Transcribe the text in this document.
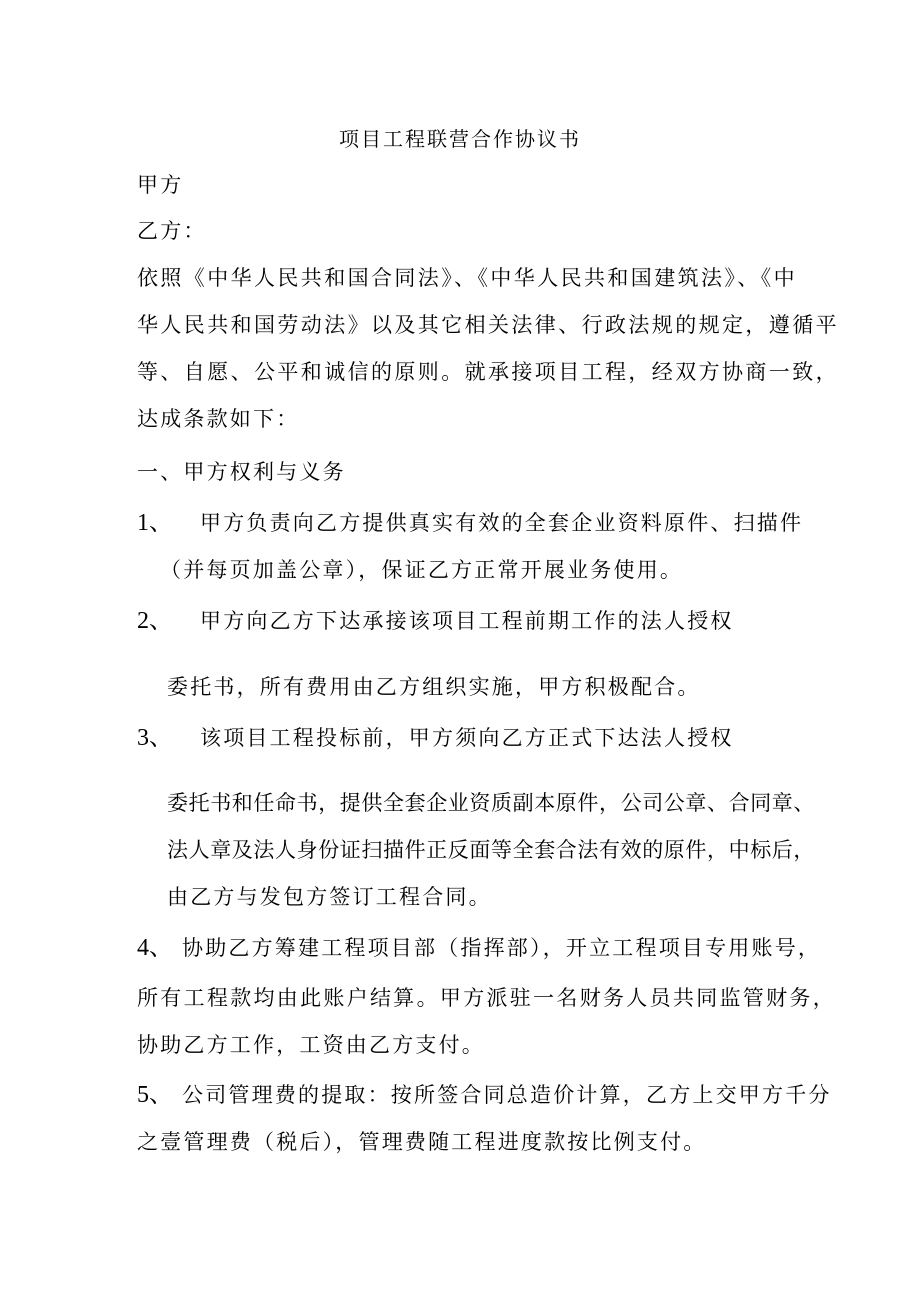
项目工程联营合作协议书
甲方
乙方：
依照《中华人民共和国合同法》、《中华人民共和国建筑法》、《中
华人民共和国劳动法》以及其它相关法律、行政法规的规定，遵循平
等、自愿、公平和诚信的原则。就承接项目工程，经双方协商一致，
达成条款如下：
一、甲方权利与义务
1、 甲方负责向乙方提供真实有效的全套企业资料原件、扫描件
（并每页加盖公章），保证乙方正常开展业务使用。
2、 甲方向乙方下达承接该项目工程前期工作的法人授权
委托书，所有费用由乙方组织实施，甲方积极配合。
3、 该项目工程投标前，甲方须向乙方正式下达法人授权
委托书和任命书，提供全套企业资质副本原件，公司公章、合同章、
法人章及法人身份证扫描件正反面等全套合法有效的原件，中标后，
由乙方与发包方签订工程合同。
4、 协助乙方筹建工程项目部（指挥部），开立工程项目专用账号，
所有工程款均由此账户结算。甲方派驻一名财务人员共同监管财务，
协助乙方工作，工资由乙方支付。
5、 公司管理费的提取：按所签合同总造价计算，乙方上交甲方千分
之壹管理费（税后），管理费随工程进度款按比例支付。
